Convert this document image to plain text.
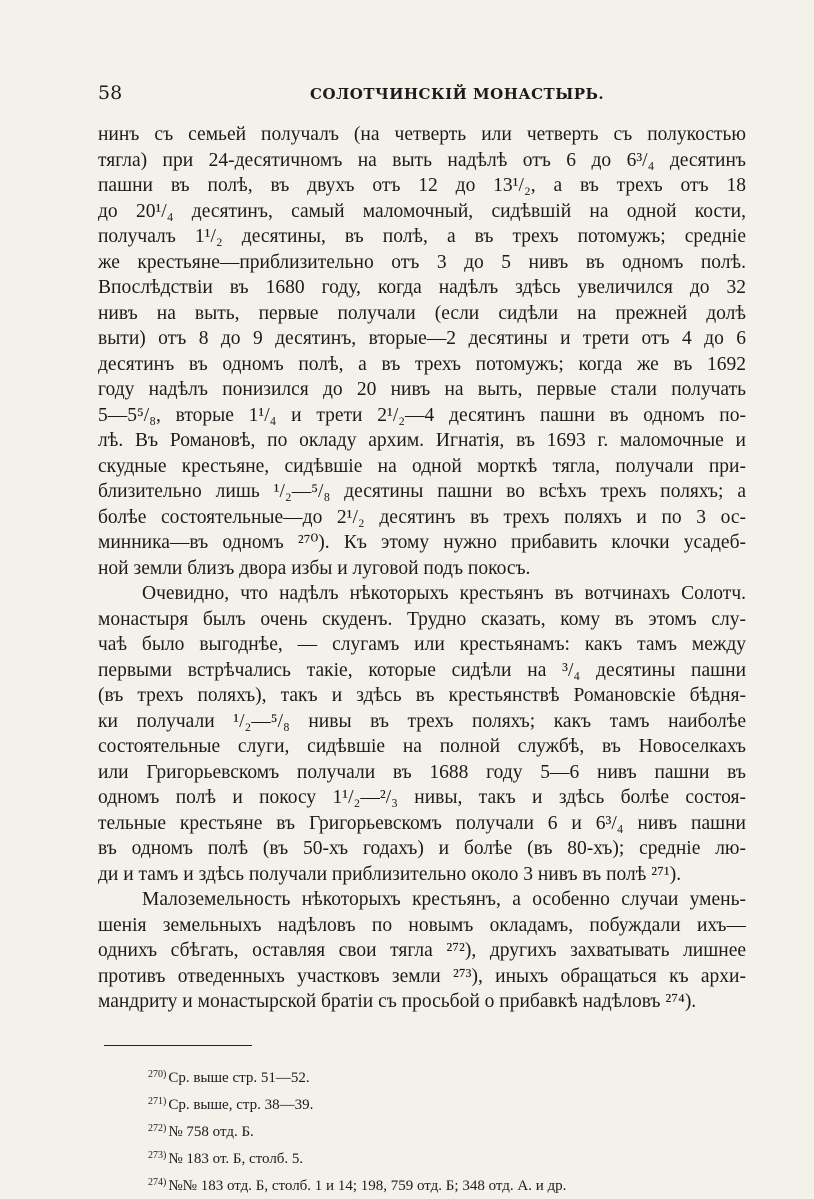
58	СОЛОТЧИНСКІЙ МОНАСТЫРЬ.
нинъ съ семьей получалъ (на четверть или четверть съ полукостью
тягла) при 24-десятичномъ на выть надѣлѣ отъ 6 до 6³/₄ десятинъ
пашни въ полѣ, въ двухъ отъ 12 до 13¹/₂, а въ трехъ отъ 18
до 20¹/₄ десятинъ, самый маломочный, сидѣвшій на одной кости,
получалъ 1¹/₂ десятины, въ полѣ, а въ трехъ потомужъ; средніе
же крестьяне—приблизительно отъ 3 до 5 нивъ въ одномъ полѣ.
Впослѣдствіи въ 1680 году, когда надѣлъ здѣсь увеличился до 32
нивъ на выть, первые получали (если сидѣли на прежней долѣ
выти) отъ 8 до 9 десятинъ, вторые—2 десятины и трети отъ 4 до 6
десятинъ въ одномъ полѣ, а въ трехъ потомужъ; когда же въ 1692
году надѣлъ понизился до 20 нивъ на выть, первые стали получать
5—5⁵/₈, вторые 1¹/₄ и трети 2¹/₂—4 десятинъ пашни въ одномъ по-
лѣ. Въ Романовѣ, по окладу архим. Игнатія, въ 1693 г. маломочные и
скудные крестьяне, сидѣвшіе на одной морткѣ тягла, получали при-
близительно лишь ¹/₂—⁵/₈ десятины пашни во всѣхъ трехъ поляхъ; а
болѣе состоятельные—до 2¹/₂ десятинъ въ трехъ поляхъ и по 3 ос-
минника—въ одномъ ²⁷⁰). Къ этому нужно прибавить клочки усадеб-
ной земли близъ двора избы и луговой подъ покосъ.
Очевидно, что надѣлъ нѣкоторыхъ крестьянъ въ вотчинахъ Солотч.
монастыря былъ очень скуденъ. Трудно сказать, кому въ этомъ слу-
чаѣ было выгоднѣе, — слугамъ или крестьянамъ: какъ тамъ между
первыми встрѣчались такіе, которые сидѣли на ³/₄ десятины пашни
(въ трехъ поляхъ), такъ и здѣсь въ крестьянствѣ Романовскіе бѣдня-
ки получали ¹/₂—⁵/₈ нивы въ трехъ поляхъ; какъ тамъ наиболѣе
состоятельные слуги, сидѣвшіе на полной службѣ, въ Новоселкахъ
или Григорьевскомъ получали въ 1688 году 5—6 нивъ пашни въ
одномъ полѣ и покосу 1¹/₂—²/₃ нивы, такъ и здѣсь болѣе состоя-
тельные крестьяне въ Григорьевскомъ получали 6 и 6³/₄ нивъ пашни
въ одномъ полѣ (въ 50-хъ годахъ) и болѣе (въ 80-хъ); средніе лю-
ди и тамъ и здѣсь получали приблизительно около 3 нивъ въ полѣ ²⁷¹).
Малоземельность нѣкоторыхъ крестьянъ, а особенно случаи умень-
шенія земельныхъ надѣловъ по новымъ окладамъ, побуждали ихъ—
однихъ сбѣгать, оставляя свои тягла ²⁷²), другихъ захватывать лишнее
противъ отведенныхъ участковъ земли ²⁷³), иныхъ обращаться къ архи-
мандриту и монастырской братіи съ просьбой о прибавкѣ надѣловъ ²⁷⁴).
$^{270)}$ Ср. выше стр. 51—52.
$^{271)}$ Ср. выше, стр. 38—39.
$^{272)}$ № 758 отд. Б.
$^{273)}$ № 183 от. Б, столб. 5.
$^{274)}$ №№ 183 отд. Б, столб. 1 и 14; 198, 759 отд. Б; 348 отд. А. и др.
